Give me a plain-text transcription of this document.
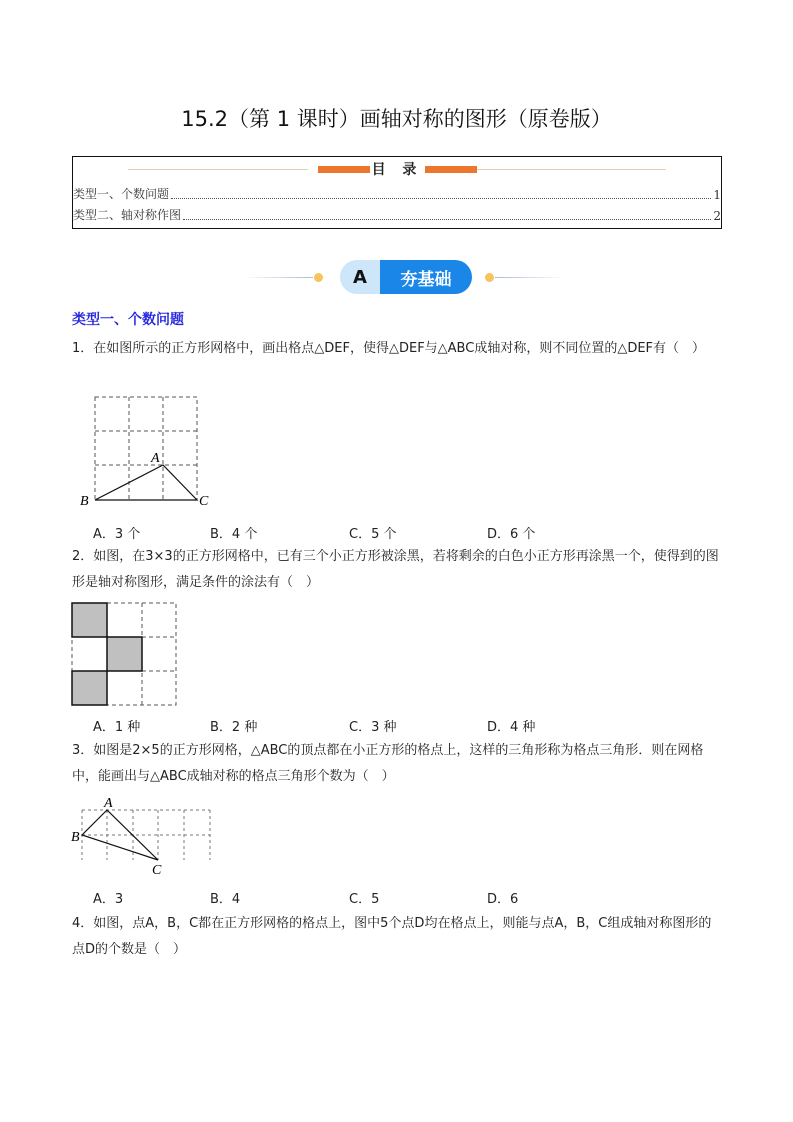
15.2（第 1 课时）画轴对称的图形（原卷版）
目 录
类型一、个数问题	1
类型二、轴对称作图	2
A	夯基础
类型一、个数问题
1．在如图所示的正方形网格中，画出格点△DEF，使得△DEF与△ABC成轴对称，则不同位置的△DEF有（　）
A
B	C
A．3 个	B．4 个	C．5 个	D．6 个
2．如图，在3×3的正方形网格中，已有三个小正方形被涂黑，若将剩余的白色小正方形再涂黑一个，使得到的图形是轴对称图形，满足条件的涂法有（　）
A．1 种	B．2 种	C．3 种	D．4 种
3．如图是2×5的正方形网格，△ABC的顶点都在小正方形的格点上，这样的三角形称为格点三角形．则在网格中，能画出与△ABC成轴对称的格点三角形个数为（　）
A
B
C
A．3	B．4	C．5	D．6
4．如图，点A，B，C都在正方形网格的格点上，图中5个点D均在格点上，则能与点A，B，C组成轴对称图形的点D的个数是（　）
